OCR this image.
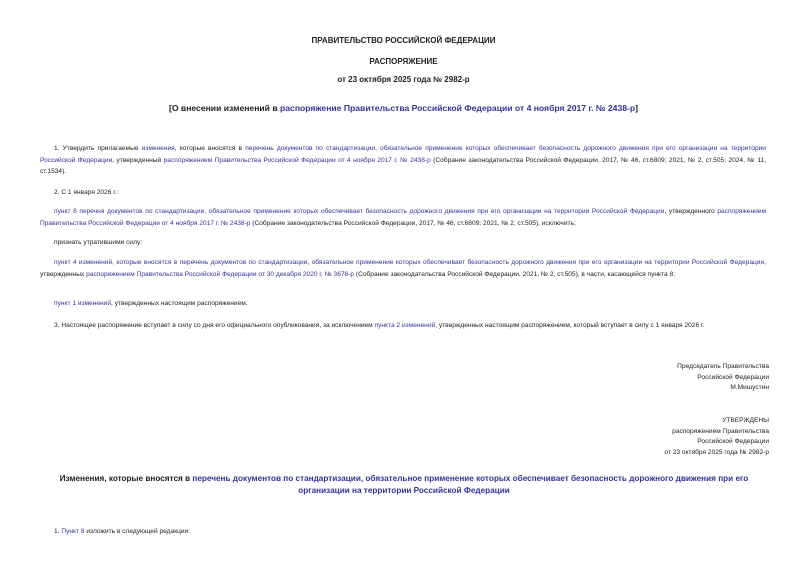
ПРАВИТЕЛЬСТВО РОССИЙСКОЙ ФЕДЕРАЦИИ
РАСПОРЯЖЕНИЕ
от 23 октября 2025 года № 2982-р
[О внесении изменений в распоряжение Правительства Российской Федерации от 4 ноября 2017 г. № 2438-р]
1. Утвердить прилагаемые изменения, которые вносятся в перечень документов по стандартизации, обязательное применение которых обеспечивает безопасность дорожного движения при его организации на территории Российской Федерации, утвержденный распоряжением Правительства Российской Федерации от 4 ноября 2017 г. № 2438-р (Собрание законодательства Российской Федерации, 2017, № 46, ст.6809; 2021, № 2, ст.505; 2024, № 11, ст.1534).
2. С 1 января 2026 г.:
пункт 8 перечня документов по стандартизации, обязательное применение которых обеспечивает безопасность дорожного движения при его организации на территории Российской Федерации, утвержденного распоряжением Правительства Российской Федерации от 4 ноября 2017 г. № 2438-р (Собрание законодательства Российской Федерации, 2017, № 46, ст.6809; 2021, № 2, ст.505), исключить;
признать утратившими силу:
пункт 4 изменений, которые вносятся в перечень документов по стандартизации, обязательное применение которых обеспечивает безопасность дорожного движения при его организации на территории Российской Федерации, утвержденных распоряжением Правительства Российской Федерации от 30 декабря 2020 г. № 3678-р (Собрание законодательства Российской Федерации, 2021, № 2, ст.505), в части, касающейся пункта 8;
пункт 1 изменений, утвержденных настоящим распоряжением.
3. Настоящее распоряжение вступает в силу со дня его официального опубликования, за исключением пункта 2 изменений, утвержденных настоящим распоряжением, который вступает в силу с 1 января 2026 г.
Председатель Правительства
Российской Федерации
М.Мишустин
УТВЕРЖДЕНЫ
распоряжением Правительства
Российской Федерации
от 23 октября 2025 года № 2982-р
Изменения, которые вносятся в перечень документов по стандартизации, обязательное применение которых обеспечивает безопасность дорожного движения при его организации на территории Российской Федерации
1. Пункт 8 изложить в следующей редакции:
